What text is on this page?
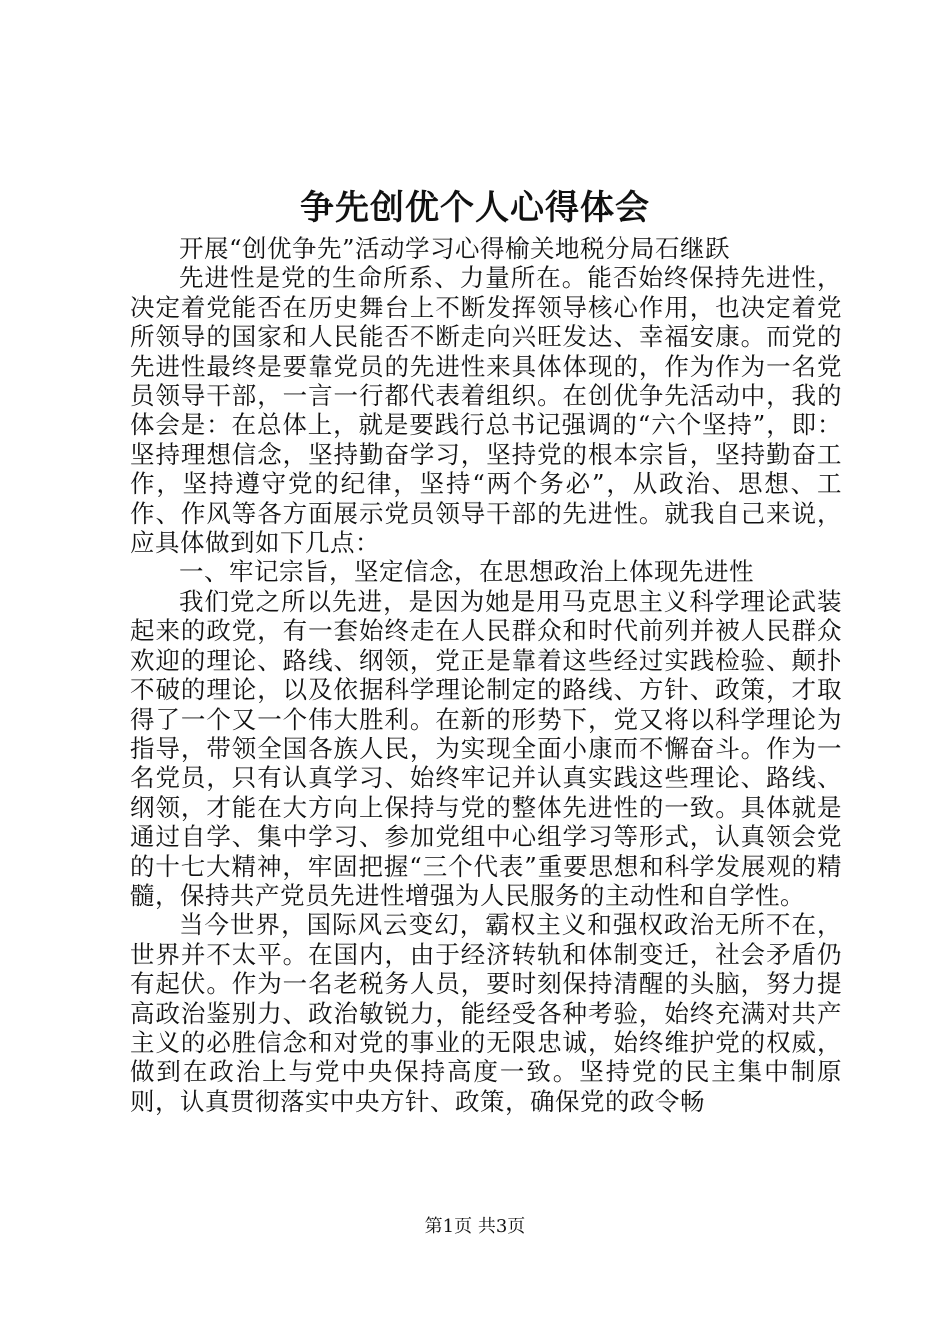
争先创优个人心得体会

开展“创优争先”活动学习心得榆关地税分局石继跃

先进性是党的生命所系、力量所在。能否始终保持先进性，决定着党能否在历史舞台上不断发挥领导核心作用，也决定着党所领导的国家和人民能否不断走向兴旺发达、幸福安康。而党的先进性最终是要靠党员的先进性来具体体现的，作为作为一名党员领导干部，一言一行都代表着组织。在创优争先活动中，我的体会是：在总体上，就是要践行总书记强调的“六个坚持”，即：坚持理想信念，坚持勤奋学习，坚持党的根本宗旨，坚持勤奋工作，坚持遵守党的纪律，坚持“两个务必”，从政治、思想、工作、作风等各方面展示党员领导干部的先进性。就我自己来说，应具体做到如下几点：

一、牢记宗旨，坚定信念，在思想政治上体现先进性

我们党之所以先进，是因为她是用马克思主义科学理论武装起来的政党，有一套始终走在人民群众和时代前列并被人民群众欢迎的理论、路线、纲领，党正是靠着这些经过实践检验、颠扑不破的理论，以及依据科学理论制定的路线、方针、政策，才取得了一个又一个伟大胜利。在新的形势下，党又将以科学理论为指导，带领全国各族人民，为实现全面小康而不懈奋斗。作为一名党员，只有认真学习、始终牢记并认真实践这些理论、路线、纲领，才能在大方向上保持与党的整体先进性的一致。具体就是通过自学、集中学习、参加党组中心组学习等形式，认真领会党的十七大精神，牢固把握“三个代表”重要思想和科学发展观的精髓，保持共产党员先进性增强为人民服务的主动性和自学性。

当今世界，国际风云变幻，霸权主义和强权政治无所不在，世界并不太平。在国内，由于经济转轨和体制变迁，社会矛盾仍有起伏。作为一名老税务人员，要时刻保持清醒的头脑，努力提高政治鉴别力、政治敏锐力，能经受各种考验，始终充满对共产主义的必胜信念和对党的事业的无限忠诚，始终维护党的权威，做到在政治上与党中央保持高度一致。坚持党的民主集中制原则，认真贯彻落实中央方针、政策，确保党的政令畅

第1页 共3页
